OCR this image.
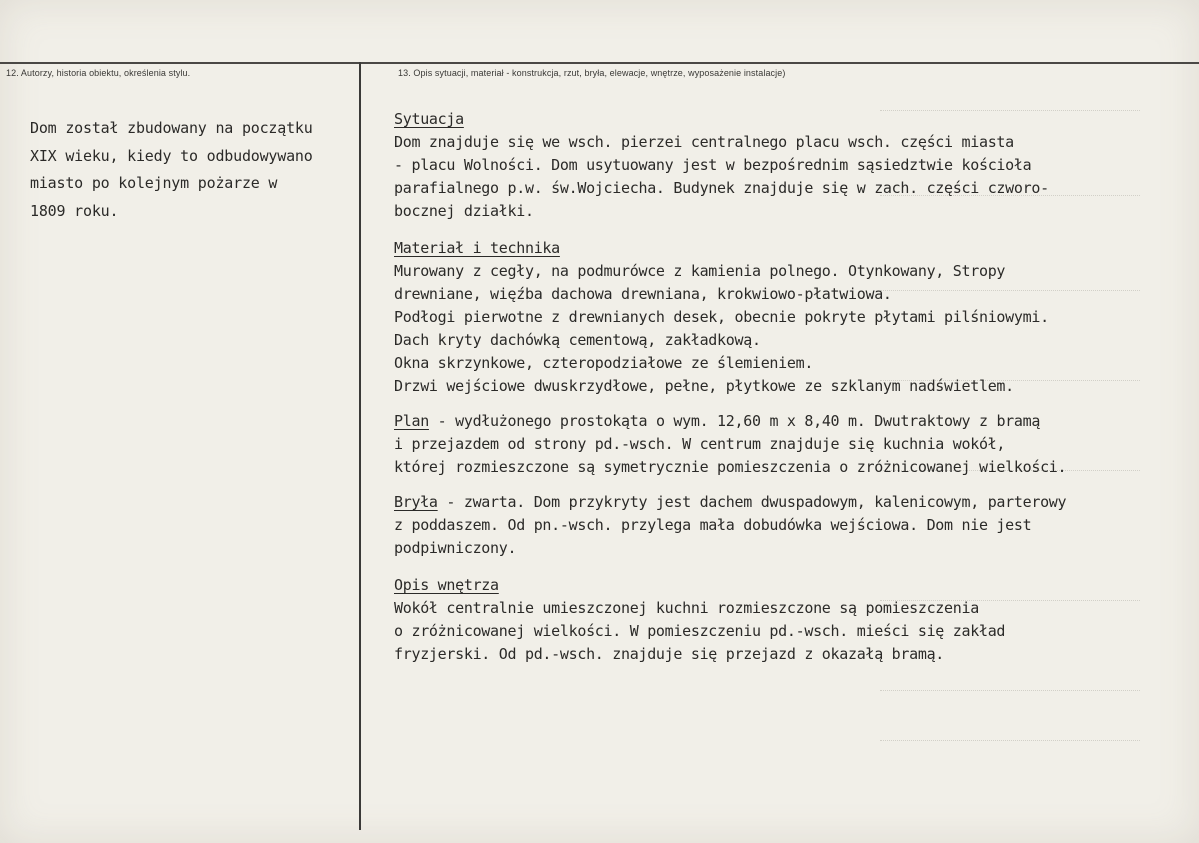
12. Autorzy, historia obiektu, określenia stylu.	13. Opis sytuacji, materiał - konstrukcja, rzut, bryła, elewacje, wnętrze, wyposażenie instalacje)
Dom został zbudowany na początku
XIX wieku, kiedy to odbudowywano
miasto po kolejnym pożarze w
1809 roku.
Sytuacja
Dom znajduje się we wsch. pierzei centralnego placu wsch. części miasta
- placu Wolności. Dom usytuowany jest w bezpośrednim sąsiedztwie kościoła
parafialnego p.w. św.Wojciecha. Budynek znajduje się w zach. części czworo-
bocznej działki.
Materiał i technika
Murowany z cegły, na podmurówce z kamienia polnego. Otynkowany, Stropy
drewniane, więźba dachowa drewniana, krokwiowo-płatwiowa.
Podłogi pierwotne z drewnianych desek, obecnie pokryte płytami pilśniowymi.
Dach kryty dachówką cementową, zakładkową.
Okna skrzynkowe, czteropodziałowe ze ślemieniem.
Drzwi wejściowe dwuskrzydłowe, pełne, płytkowe ze szklanym nadświetlem.
Plan - wydłużonego prostokąta o wym. 12,60 m x 8,40 m. Dwutraktowy z bramą
i przejazdem od strony pd.-wsch. W centrum znajduje się kuchnia wokół,
której rozmieszczone są symetrycznie pomieszczenia o zróżnicowanej wielkości.
Bryła - zwarta. Dom przykryty jest dachem dwuspadowym, kalenicowym, parterowy
z poddaszem. Od pn.-wsch. przylega mała dobudówka wejściowa. Dom nie jest
podpiwniczony.
Opis wnętrza
Wokół centralnie umieszczonej kuchni rozmieszczone są pomieszczenia
o zróżnicowanej wielkości. W pomieszczeniu pd.-wsch. mieści się zakład
fryzjerski. Od pd.-wsch. znajduje się przejazd z okazałą bramą.
